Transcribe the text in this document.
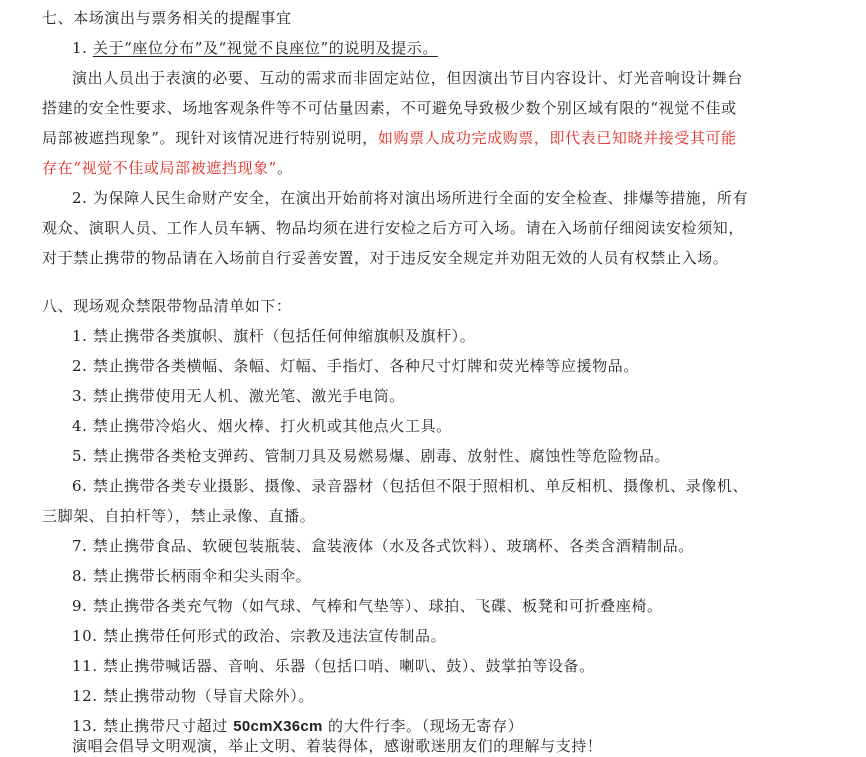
七、本场演出与票务相关的提醒事宜
1. 关于“座位分布”及“视觉不良座位”的说明及提示。
演出人员出于表演的必要、互动的需求而非固定站位，但因演出节目内容设计、灯光音响设计舞台
搭建的安全性要求、场地客观条件等不可估量因素，不可避免导致极少数个别区域有限的“视觉不佳或
局部被遮挡现象”。现针对该情况进行特别说明，如购票人成功完成购票，即代表已知晓并接受其可能
存在“视觉不佳或局部被遮挡现象”。
2. 为保障人民生命财产安全，在演出开始前将对演出场所进行全面的安全检查、排爆等措施，所有
观众、演职人员、工作人员车辆、物品均须在进行安检之后方可入场。请在入场前仔细阅读安检须知，
对于禁止携带的物品请在入场前自行妥善安置，对于违反安全规定并劝阻无效的人员有权禁止入场。
八、现场观众禁限带物品清单如下：
1. 禁止携带各类旗帜、旗杆（包括任何伸缩旗帜及旗杆）。
2. 禁止携带各类横幅、条幅、灯幅、手指灯、各种尺寸灯牌和荧光棒等应援物品。
3. 禁止携带使用无人机、激光笔、激光手电筒。
4. 禁止携带冷焰火、烟火棒、打火机或其他点火工具。
5. 禁止携带各类枪支弹药、管制刀具及易燃易爆、剧毒、放射性、腐蚀性等危险物品。
6. 禁止携带各类专业摄影、摄像、录音器材（包括但不限于照相机、单反相机、摄像机、录像机、
三脚架、自拍杆等），禁止录像、直播。
7. 禁止携带食品、软硬包装瓶装、盒装液体（水及各式饮料）、玻璃杯、各类含酒精制品。
8. 禁止携带长柄雨伞和尖头雨伞。
9. 禁止携带各类充气物（如气球、气棒和气垫等）、球拍、飞碟、板凳和可折叠座椅。
10. 禁止携带任何形式的政治、宗教及违法宣传制品。
11. 禁止携带喊话器、音响、乐器（包括口哨、喇叭、鼓）、鼓掌拍等设备。
12. 禁止携带动物（导盲犬除外）。
13. 禁止携带尺寸超过 50cmX36cm 的大件行李。（现场无寄存）
演唱会倡导文明观演，举止文明、着装得体，感谢歌迷朋友们的理解与支持！
